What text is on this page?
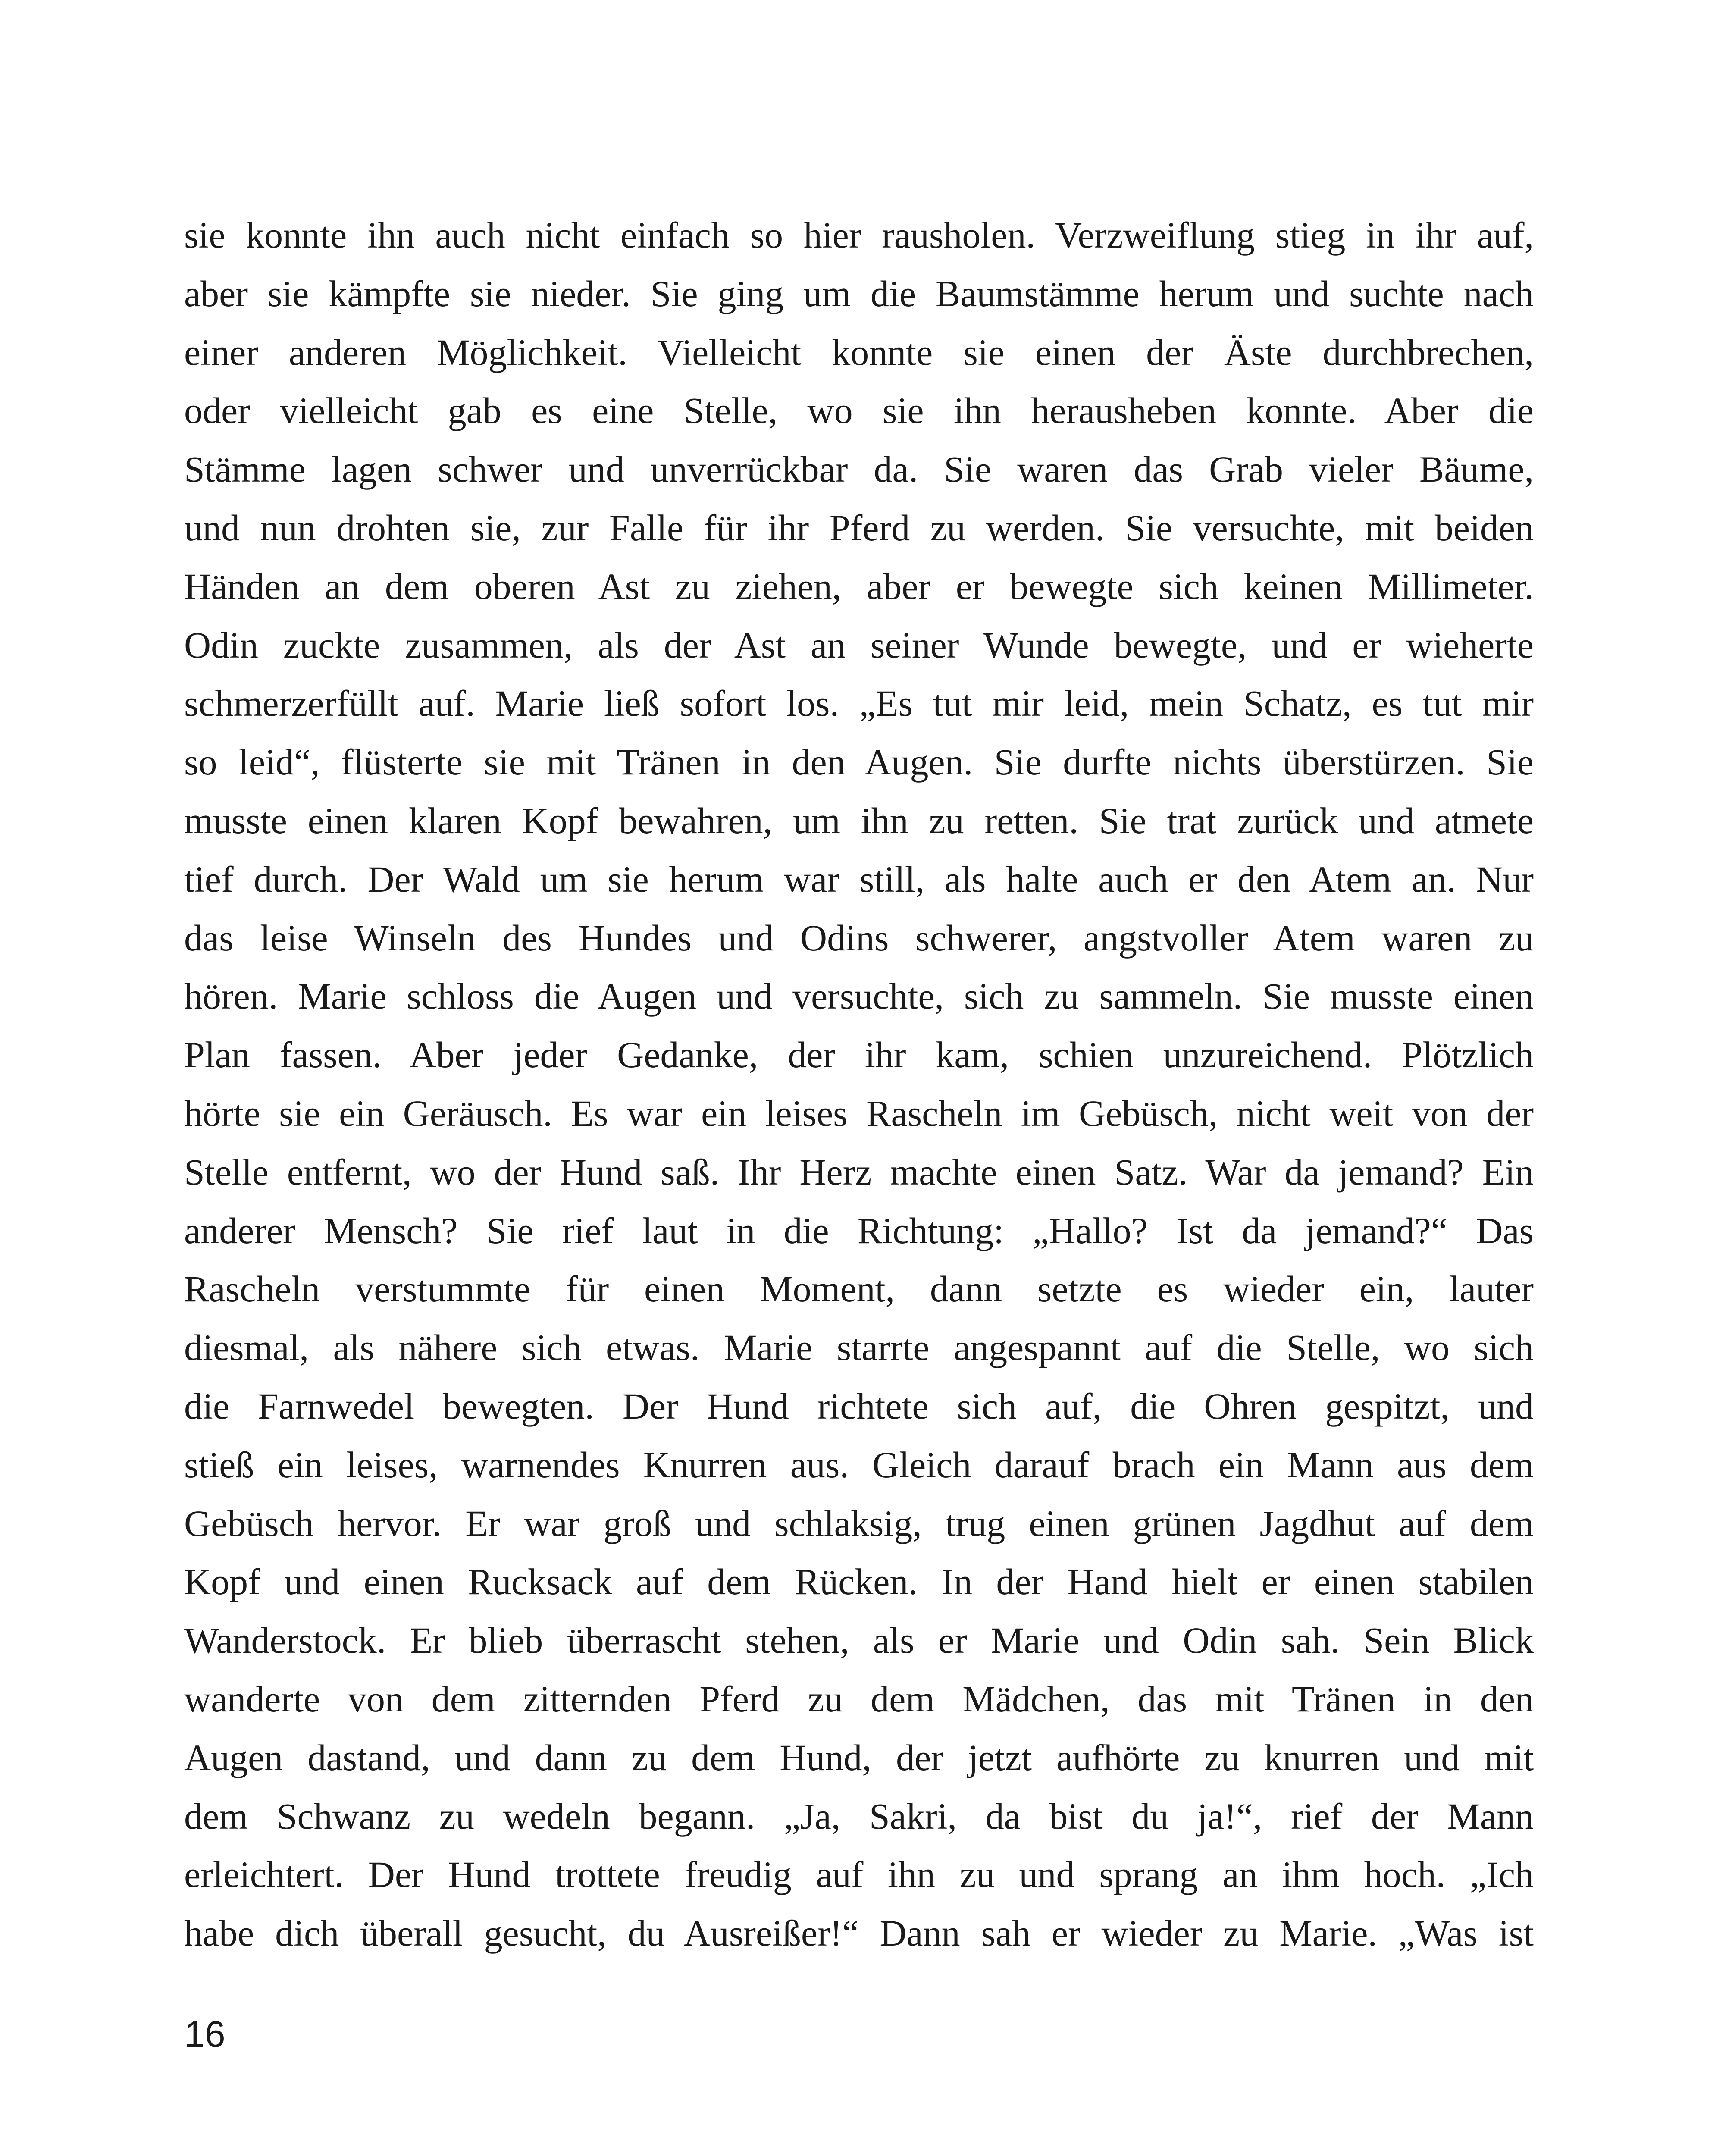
sie konnte ihn auch nicht einfach so hier rausholen. Verzweiflung stieg in ihr auf,
aber sie kämpfte sie nieder. Sie ging um die Baumstämme herum und suchte nach
einer anderen Möglichkeit. Vielleicht konnte sie einen der Äste durchbrechen,
oder vielleicht gab es eine Stelle, wo sie ihn herausheben konnte. Aber die
Stämme lagen schwer und unverrückbar da. Sie waren das Grab vieler Bäume,
und nun drohten sie, zur Falle für ihr Pferd zu werden. Sie versuchte, mit beiden
Händen an dem oberen Ast zu ziehen, aber er bewegte sich keinen Millimeter.
Odin zuckte zusammen, als der Ast an seiner Wunde bewegte, und er wieherte
schmerzerfüllt auf. Marie ließ sofort los. „Es tut mir leid, mein Schatz, es tut mir
so leid“, flüsterte sie mit Tränen in den Augen. Sie durfte nichts überstürzen. Sie
musste einen klaren Kopf bewahren, um ihn zu retten. Sie trat zurück und atmete
tief durch. Der Wald um sie herum war still, als halte auch er den Atem an. Nur
das leise Winseln des Hundes und Odins schwerer, angstvoller Atem waren zu
hören. Marie schloss die Augen und versuchte, sich zu sammeln. Sie musste einen
Plan fassen. Aber jeder Gedanke, der ihr kam, schien unzureichend. Plötzlich
hörte sie ein Geräusch. Es war ein leises Rascheln im Gebüsch, nicht weit von der
Stelle entfernt, wo der Hund saß. Ihr Herz machte einen Satz. War da jemand? Ein
anderer Mensch? Sie rief laut in die Richtung: „Hallo? Ist da jemand?“ Das
Rascheln verstummte für einen Moment, dann setzte es wieder ein, lauter
diesmal, als nähere sich etwas. Marie starrte angespannt auf die Stelle, wo sich
die Farnwedel bewegten. Der Hund richtete sich auf, die Ohren gespitzt, und
stieß ein leises, warnendes Knurren aus. Gleich darauf brach ein Mann aus dem
Gebüsch hervor. Er war groß und schlaksig, trug einen grünen Jagdhut auf dem
Kopf und einen Rucksack auf dem Rücken. In der Hand hielt er einen stabilen
Wanderstock. Er blieb überrascht stehen, als er Marie und Odin sah. Sein Blick
wanderte von dem zitternden Pferd zu dem Mädchen, das mit Tränen in den
Augen dastand, und dann zu dem Hund, der jetzt aufhörte zu knurren und mit
dem Schwanz zu wedeln begann. „Ja, Sakri, da bist du ja!“, rief der Mann
erleichtert. Der Hund trottete freudig auf ihn zu und sprang an ihm hoch. „Ich
habe dich überall gesucht, du Ausreißer!“ Dann sah er wieder zu Marie. „Was ist
16
